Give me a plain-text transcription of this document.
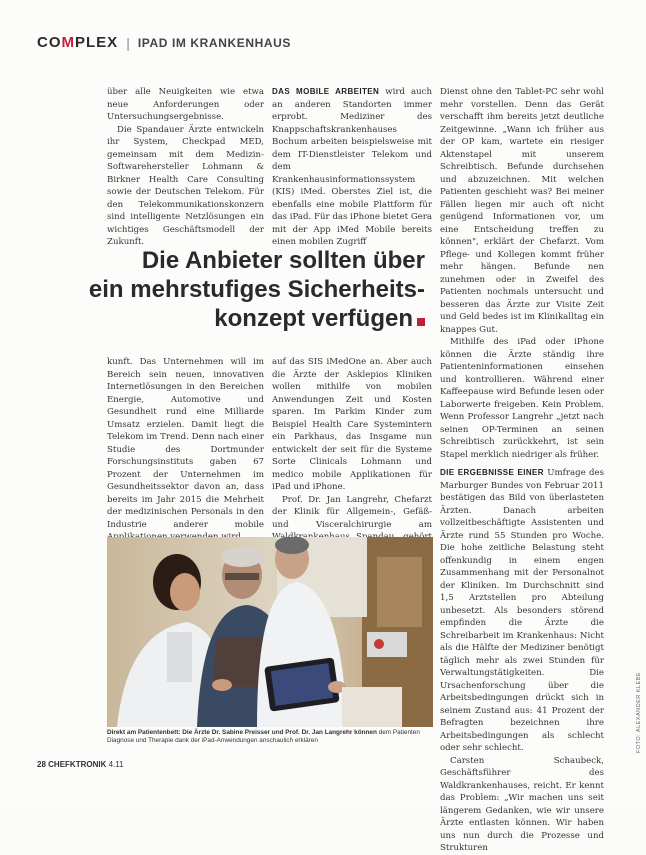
COMPLEX | IPAD IM KRANKENHAUS

über alle Neuigkeiten wie etwa neue Anforderungen oder Untersuchungsergebnisse.

Die Spandauer Ärzte entwickeln ihr System, Checkpad MED, gemeinsam mit dem Medizin-Softwarehersteller Lohmann & Birkner Health Care Consulting sowie der Deutschen Telekom. Für den Telekommunikationskonzern sind intelligente Netzlösungen ein wichtiges Geschäftsmodell der Zukunft.

DAS MOBILE ARBEITEN wird auch an anderen Standorten immer erprobt. Mediziner des Knappschaftskrankenhauses Bochum arbeiten beispielsweise mit dem IT-Dienstleister Telekom und dem Krankenhausinformationssystem (KIS) iMed. Oberstes Ziel ist, die ebenfalls eine mobile Plattform für das iPad. Für das iPhone bietet Gera mit der App iMed Mobile bereits einen mobilen Zugriff

Die Anbieter sollten über
ein mehrstufiges Sicherheits-
konzept verfügen

kunft. Das Unternehmen will im Bereich sein neuen, innovativen Internetlösungen in den Bereichen Energie, Automotive und Gesundheit rund eine Milliarde Umsatz erzielen. Damit liegt die Telekom im Trend. Denn nach einer Studie des Dortmunder Forschungsinstituts gaben 67 Prozent der Unternehmen im Gesundheitssektor davon an, dass bereits im Jahr 2015 die Mehrheit der medizinischen Personals in den Industrie anderer mobile

auf das SIS iMedOne an. Aber auch die Ärzte der Asklepios Kliniken wollen mithilfe von mobilen Anwendungen Zeit und Kosten sparen. Im Parkim Kinder zum Beispiel Health Care Systemintern ein Parkhaus, das Insgame nun entwickelt der seit für die Systeme Sorte Clinicals Lohmann und medico mobile Applikationen für iPad und iPhone.

Prof. Dr. Jan Langrehr, Chefarzt der Klinik für Allgemein-, Gefäß- und Visceralchirurgie am

Dienst ohne den Tablet-PC sehr wohl mehr vorstellen. Denn das Gerät verschafft ihm bereits jetzt deutliche Zeitgewinne. „Wann ich früher aus der OP kam, wartete ein riesiger Aktenstapel mit unserem Schreibtisch. Befunde durchsehen und abzuzeichnen. Mit welchen Patienten geschieht was? Bei meiner Fällen liegen mir auch oft nicht genügend Informationen vor, um eine Entscheidung treffen zu können", erklärt der Chefarzt. Vom Pflege- und Kollegen kommt früher mehr hängen. Befunde nen zunehmen oder in Zweifel des Patienten nochmals untersucht und besseren das Ärzte zur Visite Zeit und Geld bedes ist im Klinikalltag ein knappes Gut.

Mithilfe des iPad oder iPhone können die Ärzte ständig ihre Patienteninformationen einsehen und kontrollieren. Während einer Kaffeepause wird Befunde lesen oder Laborwerte freigeben. Kein Problem. Wenn Professor Langrehr „jetzt nach seinen OP-Terminen an seinen Schreibtisch zurückkehrt, ist sein Stapel merklich niedriger als früher.

DIE ERGEBNISSE EINER Umfrage des Marburger Bundes von Februar 2011 bestätigen das Bild von überlasteten Ärzten. Danach arbeiten vollzeitbeschäftigte Assistenten und Ärzte rund 55 Stunden pro Woche. Die hohe zeitliche Belastung steht offenkundig in einem engen Zusammenhang mit der Personalnot der Kliniken. Im Durchschnitt sind 1,5 Arztstellen pro Abteilung unbesetzt. Als besonders störend empfinden die Ärzte die Schreibarbeit im Krankenhaus: Nicht als die Hälfte der Mediziner benötigt täglich mehr als zwei Stunden für Verwaltungstätigkeiten. Die Ursachenforschung über die Arbeitsbedingungen drückt sich in seinem Zustand aus: 41 Prozent der Befragten bezeichnen ihre Arbeitsbedingungen als schlecht oder sehr schlecht.

Carsten Schaubeck, Geschäftsführer des Waldkrankenhauses, reicht. Er kennt das Problem: „Wir machen uns seit längerem Gedanken, wie wir unsere Ärzte entlasten können. Wir haben uns nun durch die Prozesse und Strukturen

Direkt am Patientenbett: Die Ärzte Dr. Sabine Preisser und Prof. Dr. Jan Langrehr können dem Patienten Diagnose und Therapie dank der iPad-Anwendungen anschaulich erklären
28 CHEFKTRONIK 4.11
FOTO: ALEXANDER KLEBE
